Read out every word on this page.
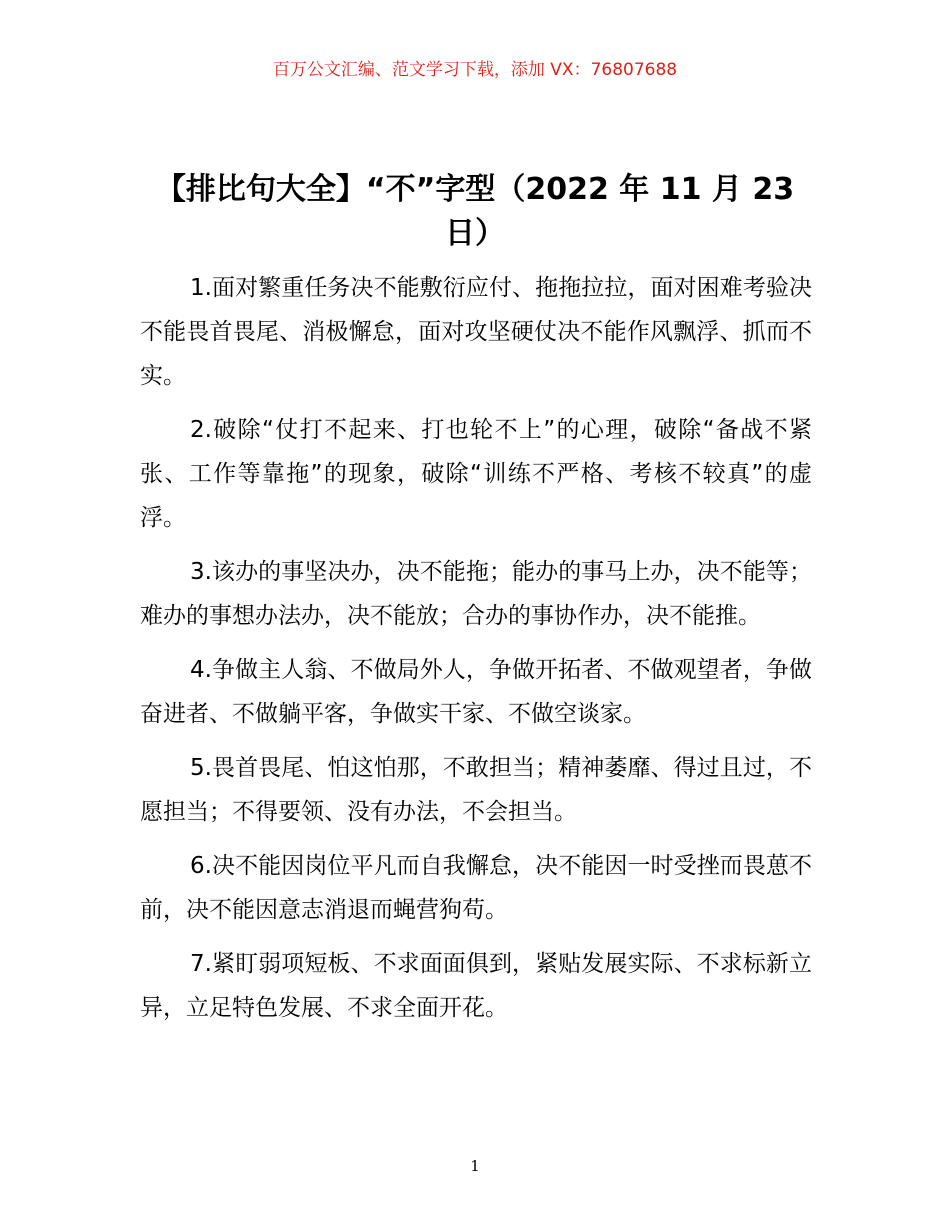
百万公文汇编、范文学习下载，添加 VX：76807688
【排比句大全】“不”字型（2022 年 11 月 23 日）

1.面对繁重任务决不能敷衍应付、拖拖拉拉，面对困难考验决不能畏首畏尾、消极懈怠，面对攻坚硬仗决不能作风飘浮、抓而不实。

2.破除“仗打不起来、打也轮不上”的心理，破除“备战不紧张、工作等靠拖”的现象，破除“训练不严格、考核不较真”的虚浮。

3.该办的事坚决办，决不能拖；能办的事马上办，决不能等；难办的事想办法办，决不能放；合办的事协作办，决不能推。

4.争做主人翁、不做局外人，争做开拓者、不做观望者，争做奋进者、不做躺平客，争做实干家、不做空谈家。

5.畏首畏尾、怕这怕那，不敢担当；精神萎靡、得过且过，不愿担当；不得要领、没有办法，不会担当。

6.决不能因岗位平凡而自我懈怠，决不能因一时受挫而畏葸不前，决不能因意志消退而蝇营狗苟。

7.紧盯弱项短板、不求面面俱到，紧贴发展实际、不求标新立异，立足特色发展、不求全面开花。

1
